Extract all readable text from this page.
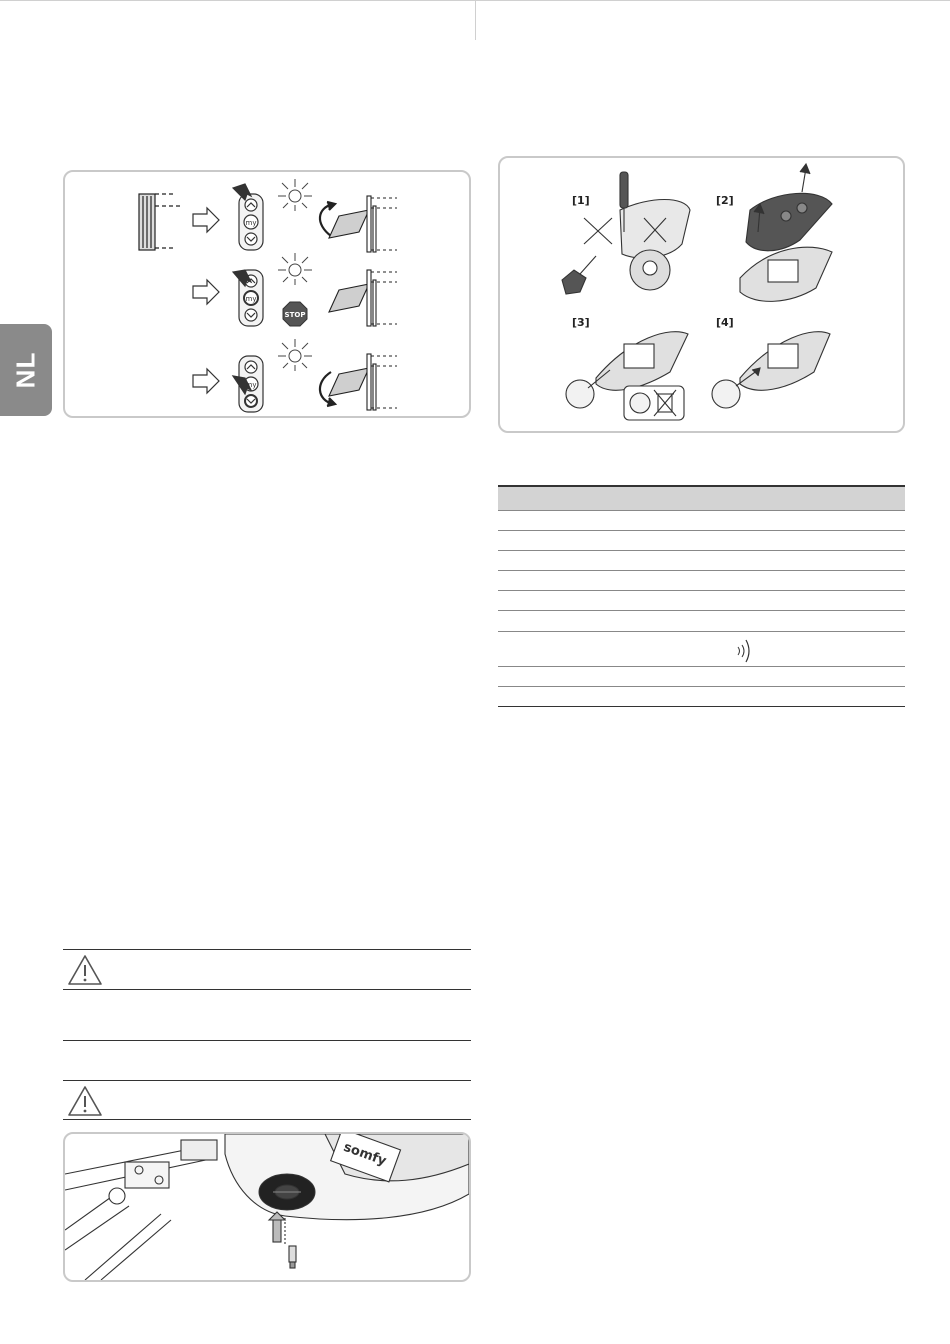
NL
my
my
my
STOP
[1]	[2]
[3]	[4]
somfy
